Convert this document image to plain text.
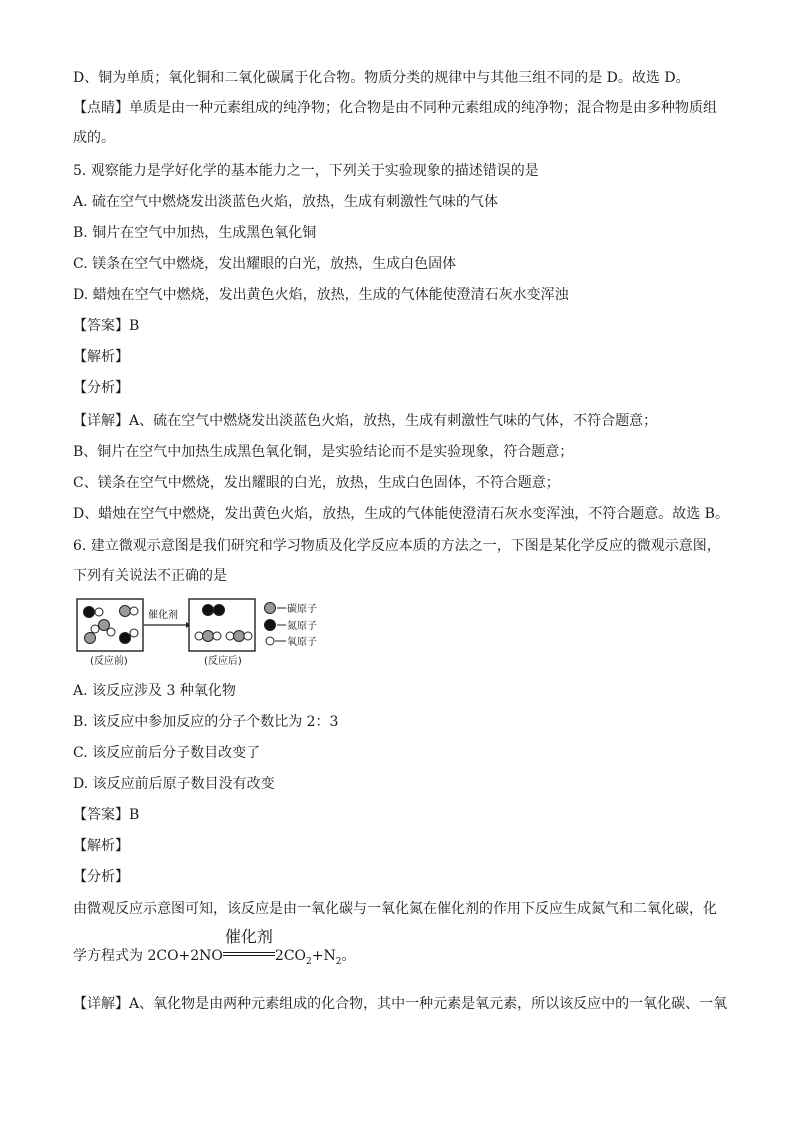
D、铜为单质；氧化铜和二氧化碳属于化合物。物质分类的规律中与其他三组不同的是 D。故选 D。
【点睛】单质是由一种元素组成的纯净物；化合物是由不同种元素组成的纯净物；混合物是由多种物质组
成的。
5. 观察能力是学好化学的基本能力之一，下列关于实验现象的描述错误的是
A. 硫在空气中燃烧发出淡蓝色火焰，放热，生成有刺激性气味的气体
B. 铜片在空气中加热，生成黑色氧化铜
C. 镁条在空气中燃烧，发出耀眼的白光，放热，生成白色固体
D. 蜡烛在空气中燃烧，发出黄色火焰，放热，生成的气体能使澄清石灰水变浑浊
【答案】B
【解析】
【分析】
【详解】A、硫在空气中燃烧发出淡蓝色火焰，放热，生成有刺激性气味的气体，不符合题意；
B、铜片在空气中加热生成黑色氧化铜，是实验结论而不是实验现象，符合题意；
C、镁条在空气中燃烧，发出耀眼的白光，放热，生成白色固体，不符合题意；
D、蜡烛在空气中燃烧，发出黄色火焰，放热，生成的气体能使澄清石灰水变浑浊，不符合题意。故选 B。
6. 建立微观示意图是我们研究和学习物质及化学反应本质的方法之一，下图是某化学反应的微观示意图，
下列有关说法不正确的是
催化剂
碳原子
氮原子
氧原子
(反应前)	(反应后)
A. 该反应涉及 3 种氧化物
B. 该反应中参加反应的分子个数比为 2：3
C. 该反应前后分子数目改变了
D. 该反应前后原子数目没有改变
【答案】B
【解析】
【分析】
由微观反应示意图可知，该反应是由一氧化碳与一氧化氮在催化剂的作用下反应生成氮气和二氧化碳，化
学方程式为 2CO+2NO
催化剂
$2CO_2+N_2$。
【详解】A、氧化物是由两种元素组成的化合物，其中一种元素是氧元素，所以该反应中的一氧化碳、一氧
